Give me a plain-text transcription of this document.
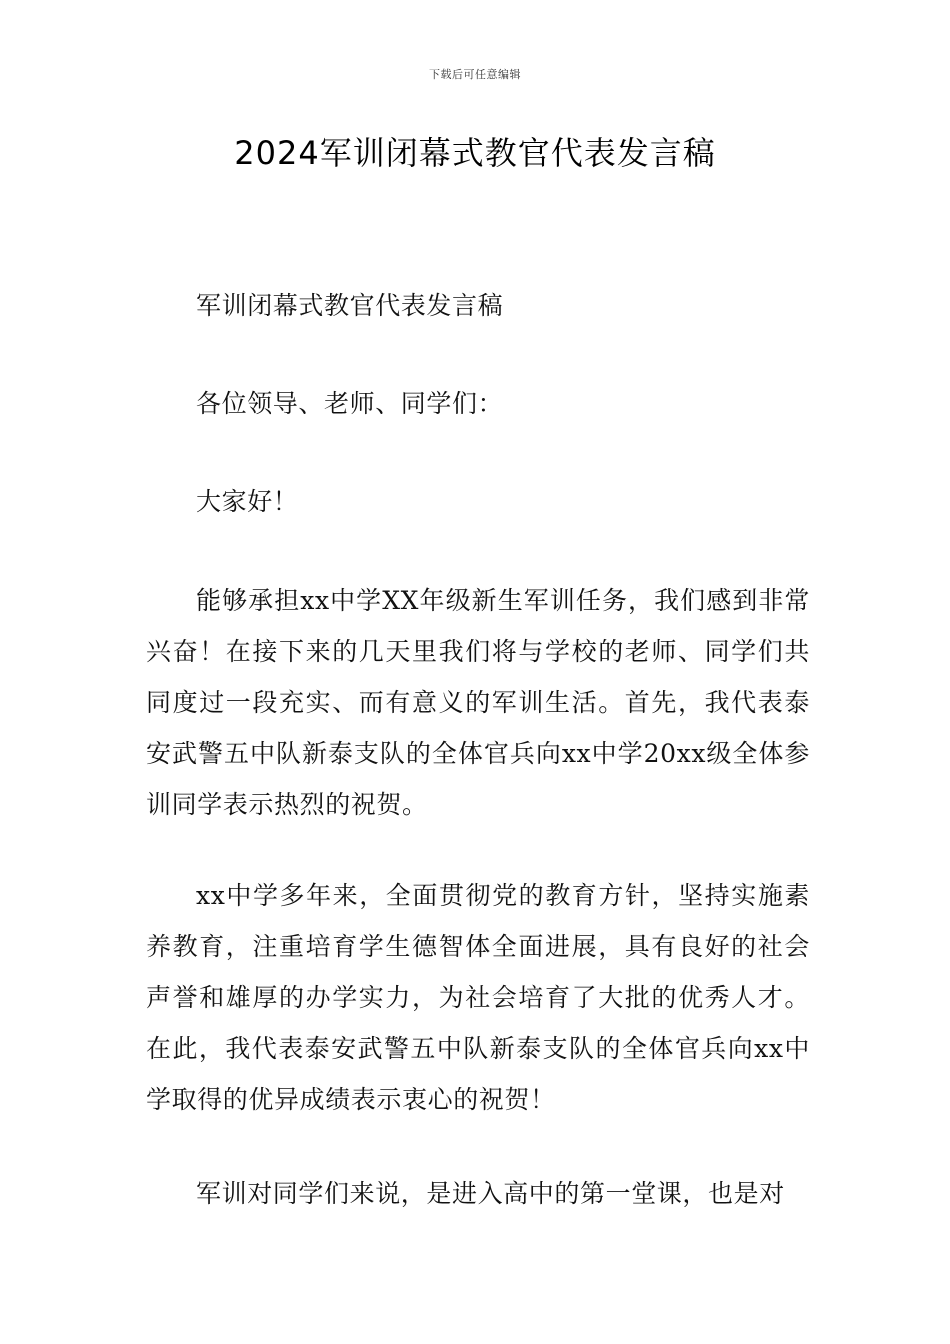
下载后可任意编辑
2024军训闭幕式教官代表发言稿

军训闭幕式教官代表发言稿

各位领导、老师、同学们：

大家好！

能够承担xx中学XX年级新生军训任务，我们感到非常兴奋！在接下来的几天里我们将与学校的老师、同学们共同度过一段充实、而有意义的军训生活。首先，我代表泰安武警五中队新泰支队的全体官兵向xx中学20xx级全体参训同学表示热烈的祝贺。

xx中学多年来，全面贯彻党的教育方针，坚持实施素养教育，注重培育学生德智体全面进展，具有良好的社会声誉和雄厚的办学实力，为社会培育了大批的优秀人才。在此，我代表泰安武警五中队新泰支队的全体官兵向xx中学取得的优异成绩表示衷心的祝贺！

军训对同学们来说，是进入高中的第一堂课，也是对
